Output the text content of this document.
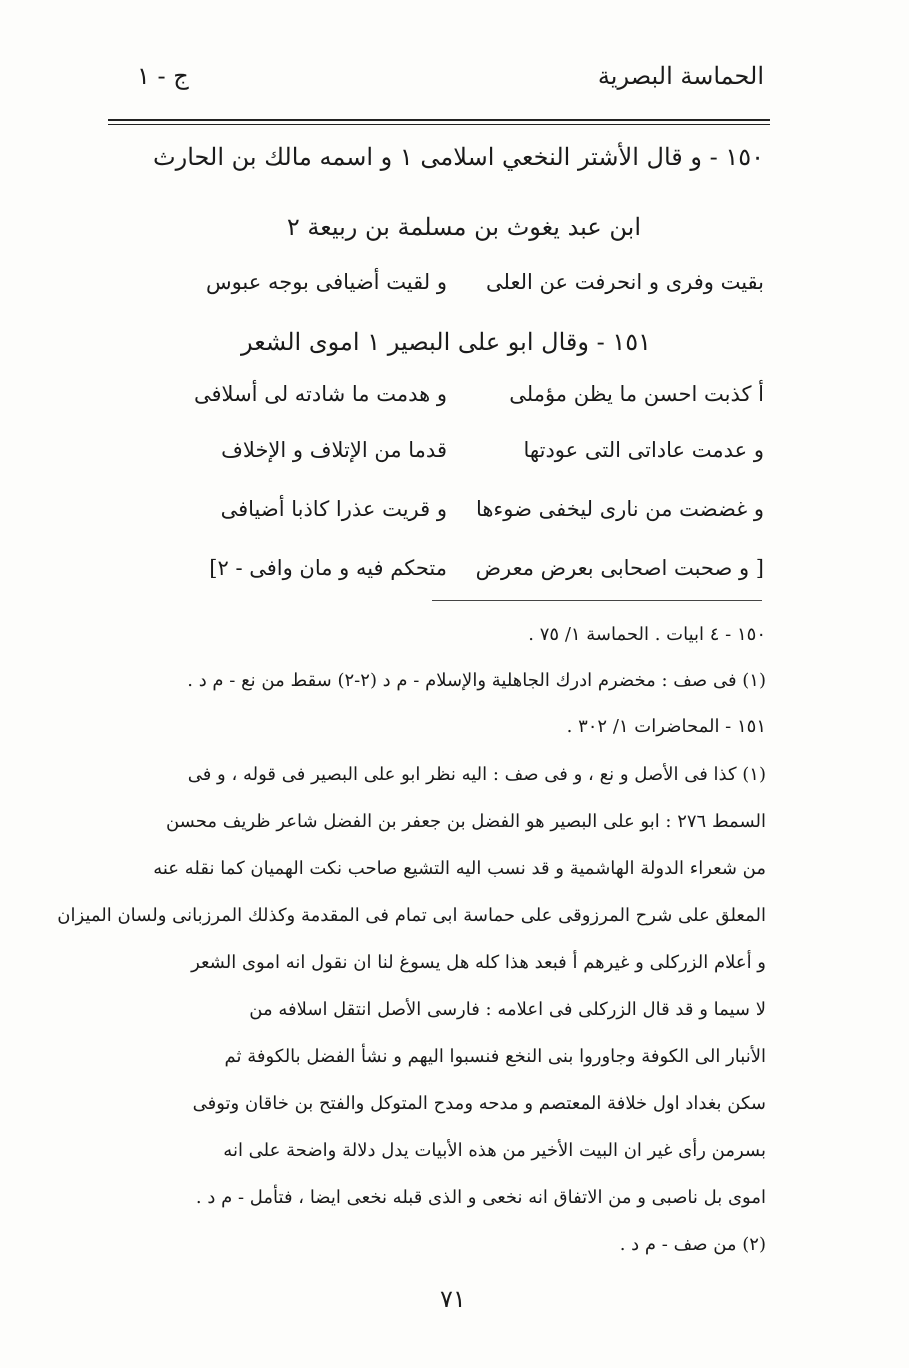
الحماسة البصرية
ج - ١
١٥٠ - و قال الأشتر النخعي اسلامى ١ و اسمه مالك بن الحارث
ابن عبد يغوث بن مسلمة بن ربيعة ٢
بقيت وفرى و انحرفت عن العلى
و لقيت أضيافى بوجه عبوس
١٥١ - وقال ابو على البصير ١ اموى الشعر
أ كذبت احسن ما يظن مؤملى
و هدمت ما شادته لى أسلافى
و عدمت عاداتى التى عودتها
قدما من الإتلاف و الإخلاف
و غضضت من نارى ليخفى ضوءها
و قريت عذرا كاذبا أضيافى
[ و صحبت اصحابى بعرض معرض
متحكم فيه و مان وافى - ٢]
١٥٠ - ٤ ابيات . الحماسة ١/ ٧٥ .
(١) فى صف : مخضرم ادرك الجاهلية والإسلام - م د (٢-٢) سقط من نع - م د .
١٥١ - المحاضرات ١/ ٣٠٢ .
(١) كذا فى الأصل و نع ، و فى صف : اليه نظر ابو على البصير فى قوله ، و فى
السمط ٢٧٦ : ابو على البصير هو الفضل بن جعفر بن الفضل شاعر ظريف محسن
من شعراء الدولة الهاشمية و قد نسب اليه التشيع صاحب نكت الهميان كما نقله عنه
المعلق على شرح المرزوقى على حماسة ابى تمام فى المقدمة وكذلك المرزبانى ولسان الميزان
و أعلام الزركلى و غيرهم أ فبعد هذا كله هل يسوغ لنا ان نقول انه اموى الشعر
لا سيما و قد قال الزركلى فى اعلامه : فارسى الأصل انتقل اسلافه من
الأنبار الى الكوفة وجاوروا بنى النخع فنسبوا اليهم و نشأ الفضل بالكوفة ثم
سكن بغداد اول خلافة المعتصم و مدحه ومدح المتوكل والفتح بن خاقان وتوفى
بسرمن رأى غير ان البيت الأخير من هذه الأبيات يدل دلالة واضحة على انه
اموى بل ناصبى و من الاتفاق انه نخعى و الذى قبله نخعى ايضا ، فتأمل - م د .
(٢) من صف - م د .
٧١
